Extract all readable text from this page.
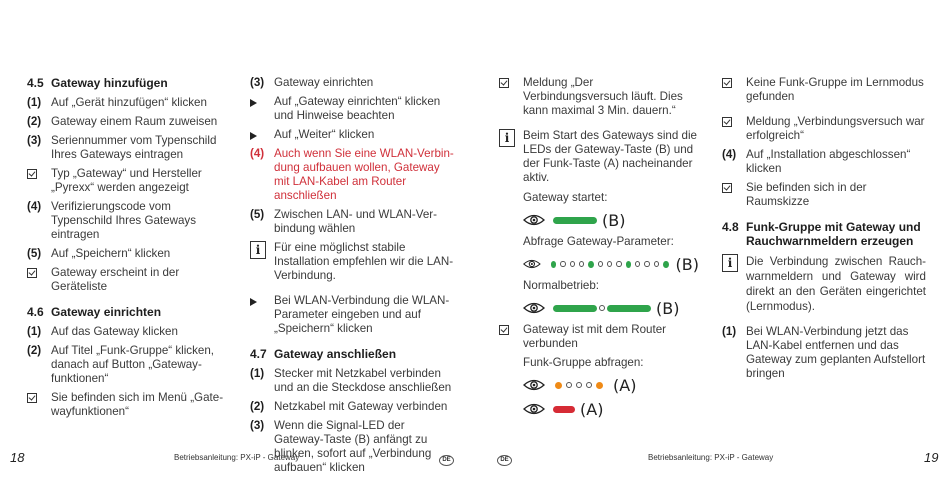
4.5 Gateway hinzufügen
(1) Auf „Gerät hinzufügen“ klicken
(2) Gateway einem Raum zuweisen
(3) Seriennummer vom Typenschild Ihres Gateways eintragen
Typ „Gateway“ und Hersteller „Pyrexx“ werden angezeigt
(4) Verifizierungscode vom Typenschild Ihres Gateways eintragen
(5) Auf „Speichern“ klicken
Gateway erscheint in der Geräteliste
4.6 Gateway einrichten
(1) Auf das Gateway klicken
(2) Auf Titel „Funk-Gruppe“ klicken, danach auf Button „Gateway-funktionen“
Sie befinden sich im Menü „Gate-wayfunktionen“
(3) Gateway einrichten
Auf „Gateway einrichten“ klicken und Hinweise beachten
Auf „Weiter“ klicken
(4) Auch wenn Sie eine WLAN-Verbin-dung aufbauen wollen, Gateway mit LAN-Kabel am Router anschließen
(5) Zwischen LAN- und WLAN-Ver-bindung wählen
i	Für eine möglichst stabile Installation empfehlen wir die LAN-Verbindung.
Bei WLAN-Verbindung die WLAN-Parameter eingeben und auf „Speichern“ klicken
4.7 Gateway anschließen
(1) Stecker mit Netzkabel verbinden und an die Steckdose anschließen
(2) Netzkabel mit Gateway verbinden
(3) Wenn die Signal-LED der Gateway-Taste (B) anfängt zu blinken, sofort auf „Verbindung aufbauen“ klicken
Meldung „Der Verbindungsversuch läuft. Dies kann maximal 3 Min. dauern.“
i	Beim Start des Gateways sind die LEDs der Gateway-Taste (B) und der Funk-Taste (A) nacheinander aktiv.
Gateway startet:
(B)
Abfrage Gateway-Parameter:
(B)
Normalbetrieb:
(B)
Gateway ist mit dem Router verbunden
Funk-Gruppe abfragen:
(A)
(A)
Keine Funk-Gruppe im Lernmodus gefunden
Meldung „Verbindungsversuch war erfolgreich“
(4) Auf „Installation abgeschlossen“ klicken
Sie befinden sich in der Raumskizze
4.8 Funk-Gruppe mit Gateway und Rauchwarnmeldern erzeugen
i	Die Verbindung zwischen Rauch-warnmeldern und Gateway wird direkt an den Geräten eingerichtet (Lernmodus).
(1) Bei WLAN-Verbindung jetzt das LAN-Kabel entfernen und das Gateway zum geplanten Aufstellort bringen
18	Betriebsanleitung: PX-iP - Gateway	DE	DE	Betriebsanleitung: PX-iP - Gateway	19
